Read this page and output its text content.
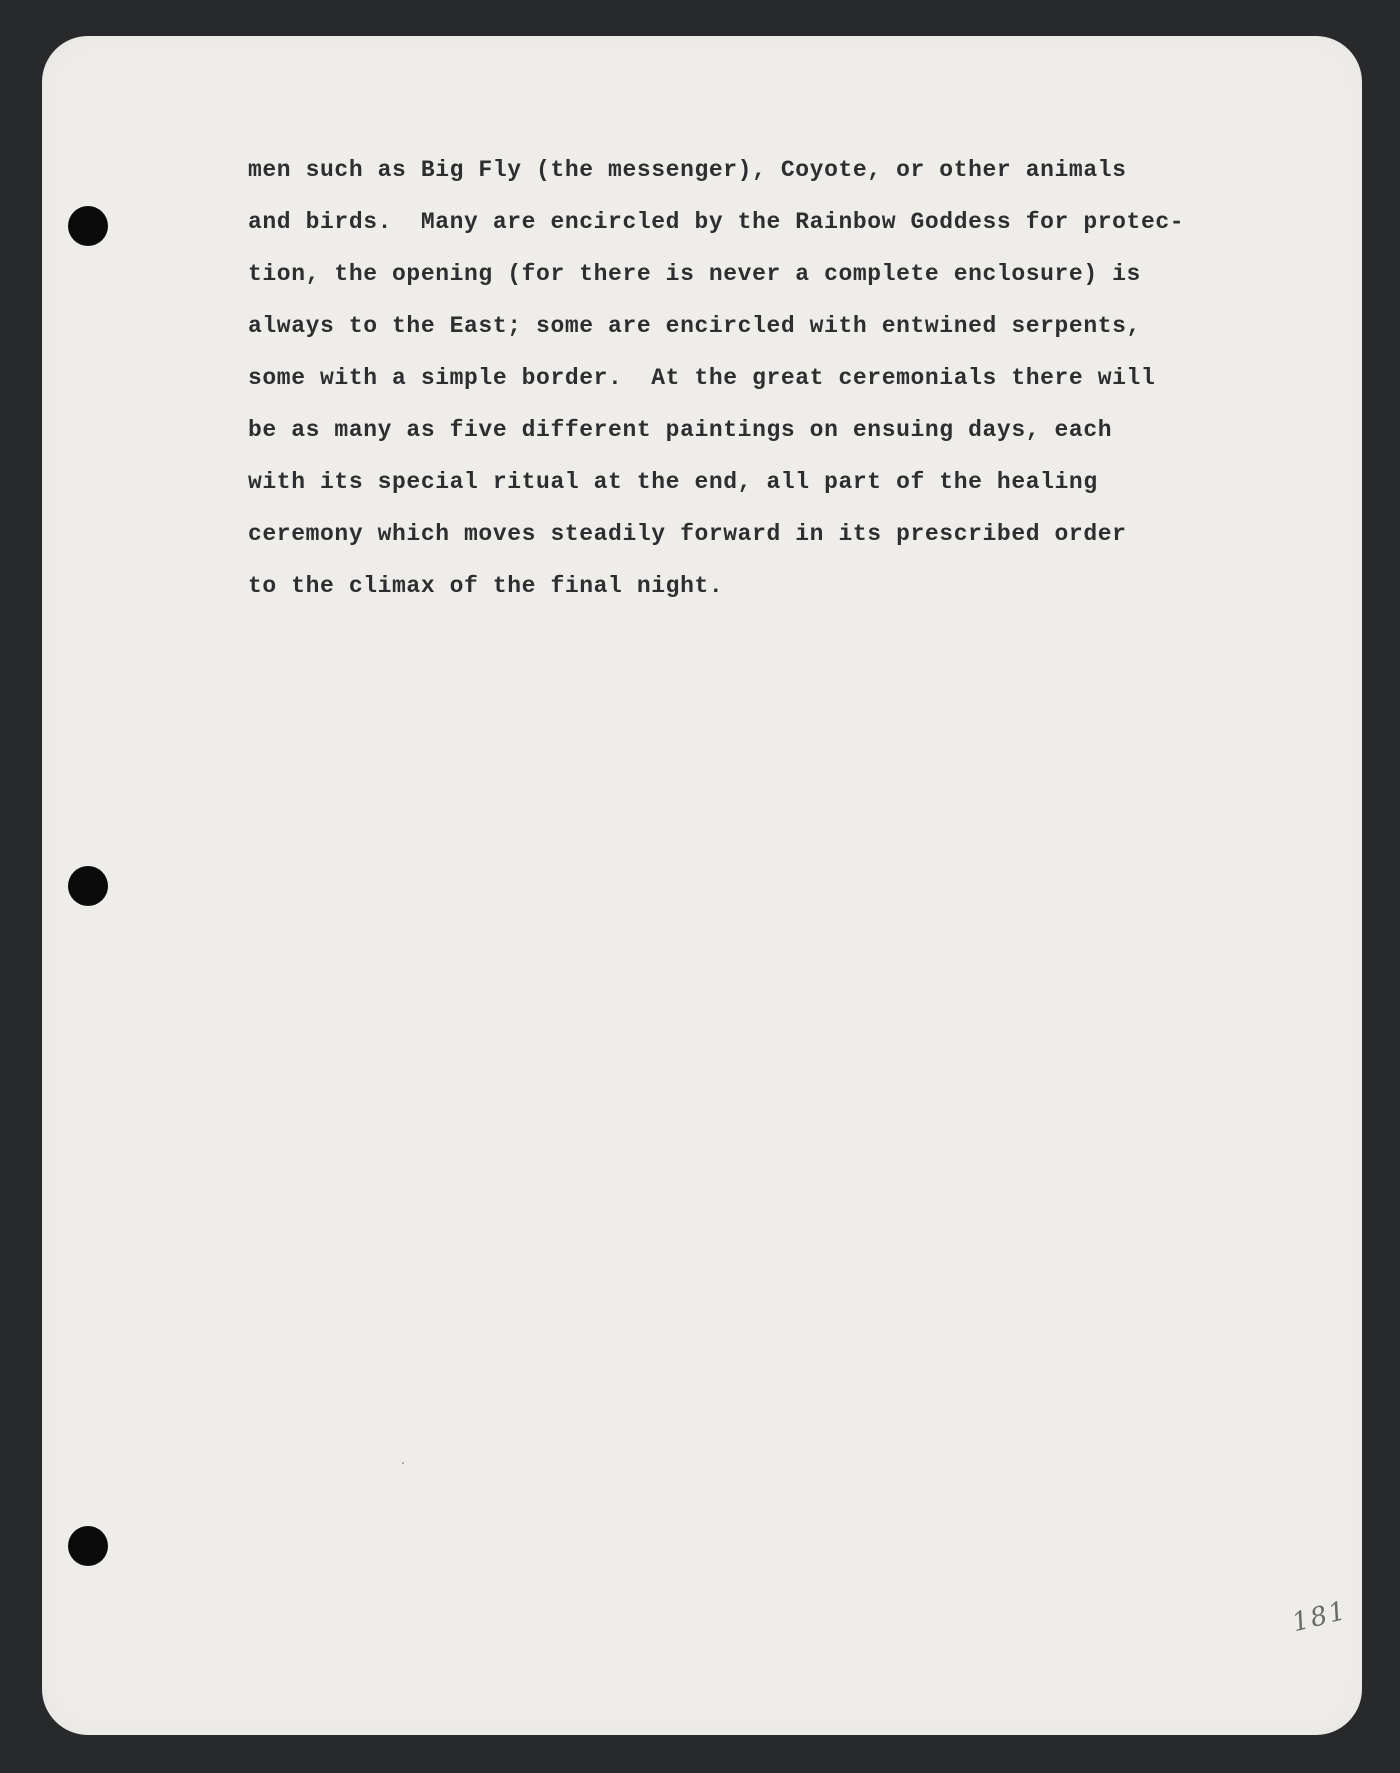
men such as Big Fly (the messenger), Coyote, or other animals
and birds.  Many are encircled by the Rainbow Goddess for protec-
tion, the opening (for there is never a complete enclosure) is
always to the East; some are encircled with entwined serpents,
some with a simple border.  At the great ceremonials there will
be as many as five different paintings on ensuing days, each
with its special ritual at the end, all part of the healing
ceremony which moves steadily forward in its prescribed order
to the climax of the final night.
181
